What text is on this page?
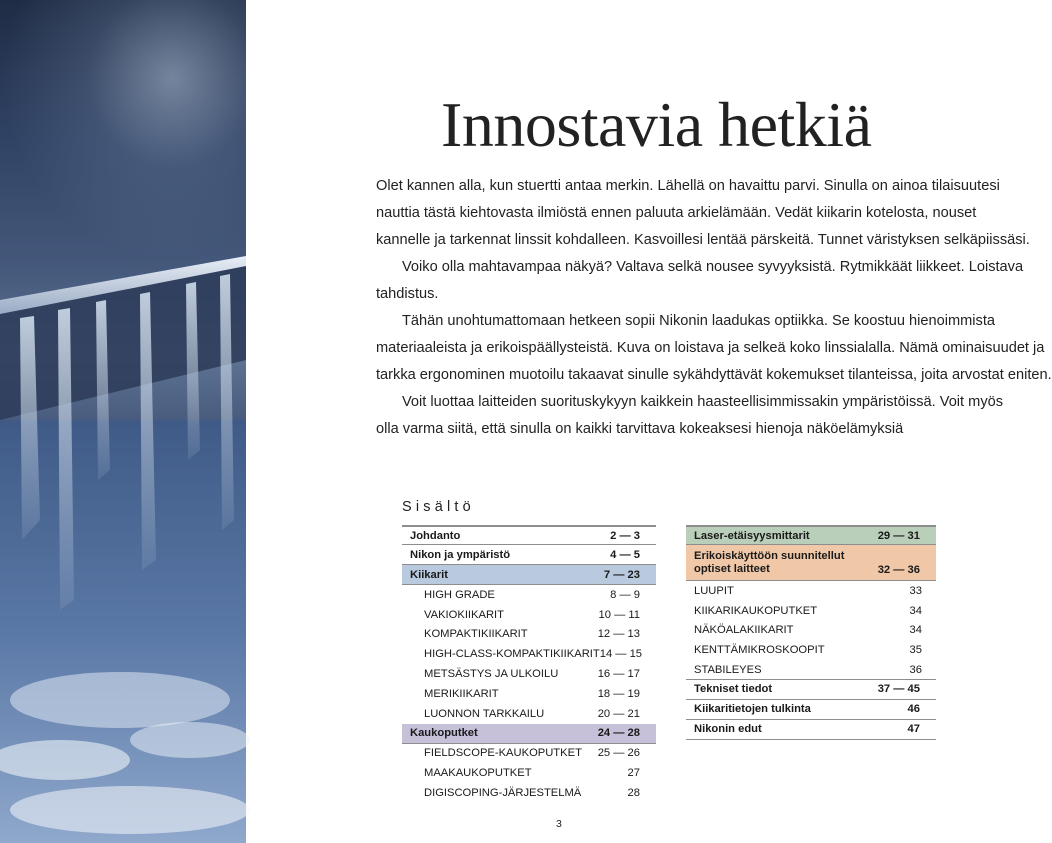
Innostavia hetkiä
Olet kannen alla, kun stuertti antaa merkin. Lähellä on havaittu parvi. Sinulla on ainoa tilaisuutesi
nauttia tästä kiehtovasta ilmiöstä ennen paluuta arkielämään. Vedät kiikarin kotelosta, nouset
kannelle ja tarkennat linssit kohdalleen. Kasvoillesi lentää pärskeitä. Tunnet väristyksen selkäpiissäsi.
Voiko olla mahtavampaa näkyä? Valtava selkä nousee syvyyksistä. Rytmikkäät liikkeet. Loistava
tahdistus.
Tähän unohtumattomaan hetkeen sopii Nikonin laadukas optiikka. Se koostuu hienoimmista
materiaaleista ja erikoispäällysteistä. Kuva on loistava ja selkeä koko linssialalla. Nämä ominaisuudet ja
tarkka ergonominen muotoilu takaavat sinulle sykähdyttävät kokemukset tilanteissa, joita arvostat eniten.
Voit luottaa laitteiden suorituskykyyn kaikkein haasteellisimmissakin ympäristöissä. Voit myös
olla varma siitä, että sinulla on kaikki tarvittava kokeaksesi hienoja näköelämyksiä
Sisältö
Johdanto	2 — 3
Nikon ja ympäristö	4 — 5
Kiikarit	7 — 23
HIGH GRADE	8 — 9
VAKIOKIIKARIT	10 — 11
KOMPAKTIKIIKARIT	12 — 13
HIGH-CLASS-KOMPAKTIKIIKARIT 14 — 15
METSÄSTYS JA ULKOILU	16 — 17
MERIKIIKARIT	18 — 19
LUONNON TARKKAILU	20 — 21
Kaukoputket	24 — 28
FIELDSCOPE-KAUKOPUTKET 25 — 26
MAAKAUKOPUTKET	27
DIGISCOPING-JÄRJESTELMÄ	28
Laser-etäisyysmittarit	29 — 31
Erikoiskäyttöön suunnitellut
optiset laitteet	32 — 36
LUUPIT	33
KIIKARIKAUKOPUTKET	34
NÄKÖALAKIIKARIT	34
KENTTÄMIKROSKOOPIT	35
STABILEYES	36
Tekniset tiedot	37 — 45
Kiikaritietojen tulkinta	46
Nikonin edut	47
3
